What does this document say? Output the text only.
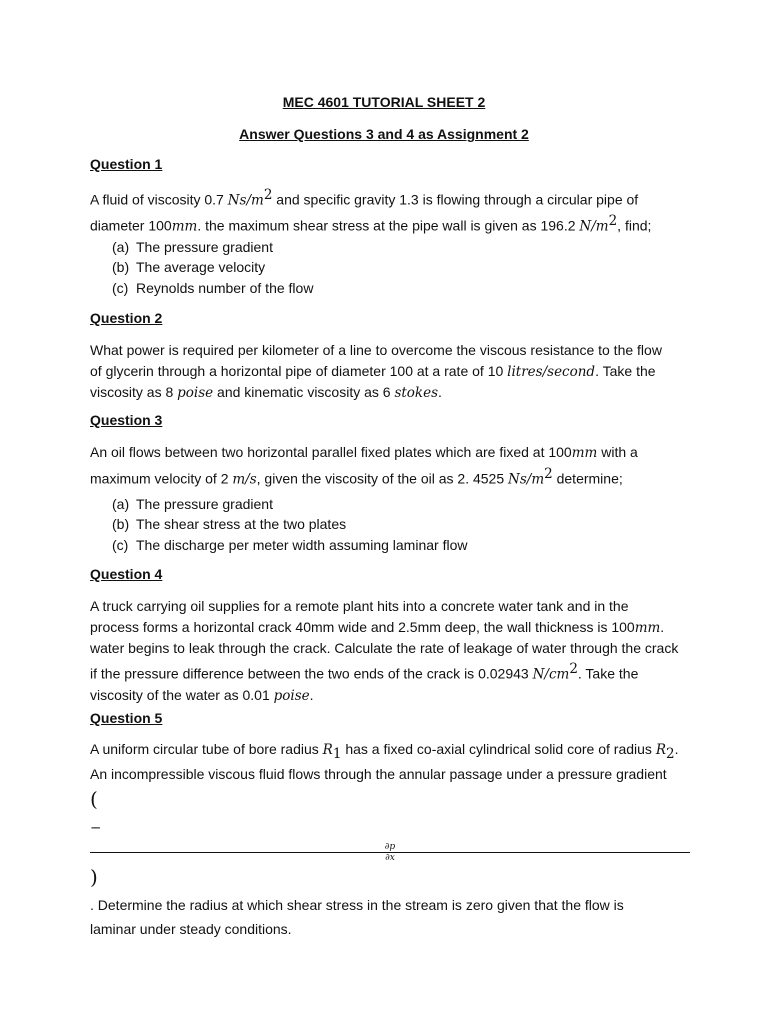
MEC 4601 TUTORIAL SHEET 2
Answer Questions 3 and 4 as Assignment 2
Question 1
A fluid of viscosity 0.7 $Ns/m^2$ and specific gravity 1.3 is flowing through a circular pipe of
diameter 100mm. the maximum shear stress at the pipe wall is given as 196.2 $N/m^2$, find;
(a) The pressure gradient
(b) The average velocity
(c) Reynolds number of the flow
Question 2
What power is required per kilometer of a line to overcome the viscous resistance to the flow
of glycerin through a horizontal pipe of diameter 100 at a rate of 10 litres/second. Take the
viscosity as 8 poise and kinematic viscosity as 6 stokes.
Question 3
An oil flows between two horizontal parallel fixed plates which are fixed at 100mm with a
maximum velocity of 2 m/s, given the viscosity of the oil as 2. 4525 $Ns/m^2$ determine;
(a) The pressure gradient
(b) The shear stress at the two plates
(c) The discharge per meter width assuming laminar flow
Question 4
A truck carrying oil supplies for a remote plant hits into a concrete water tank and in the
process forms a horizontal crack 40mm wide and 2.5mm deep, the wall thickness is 100mm.
water begins to leak through the crack. Calculate the rate of leakage of water through the crack
if the pressure difference between the two ends of the crack is 0.02943 $N/cm^2$. Take the
viscosity of the water as 0.01 poise.
Question 5
A uniform circular tube of bore radius $R_1$ has a fixed co-axial cylindrical solid core of radius $R_2$.
An incompressible viscous fluid flows through the annular passage under a pressure gradient
(
−
∂p
∂x
)
. Determine the radius at which shear stress in the stream is zero given that the flow is
laminar under steady conditions.
